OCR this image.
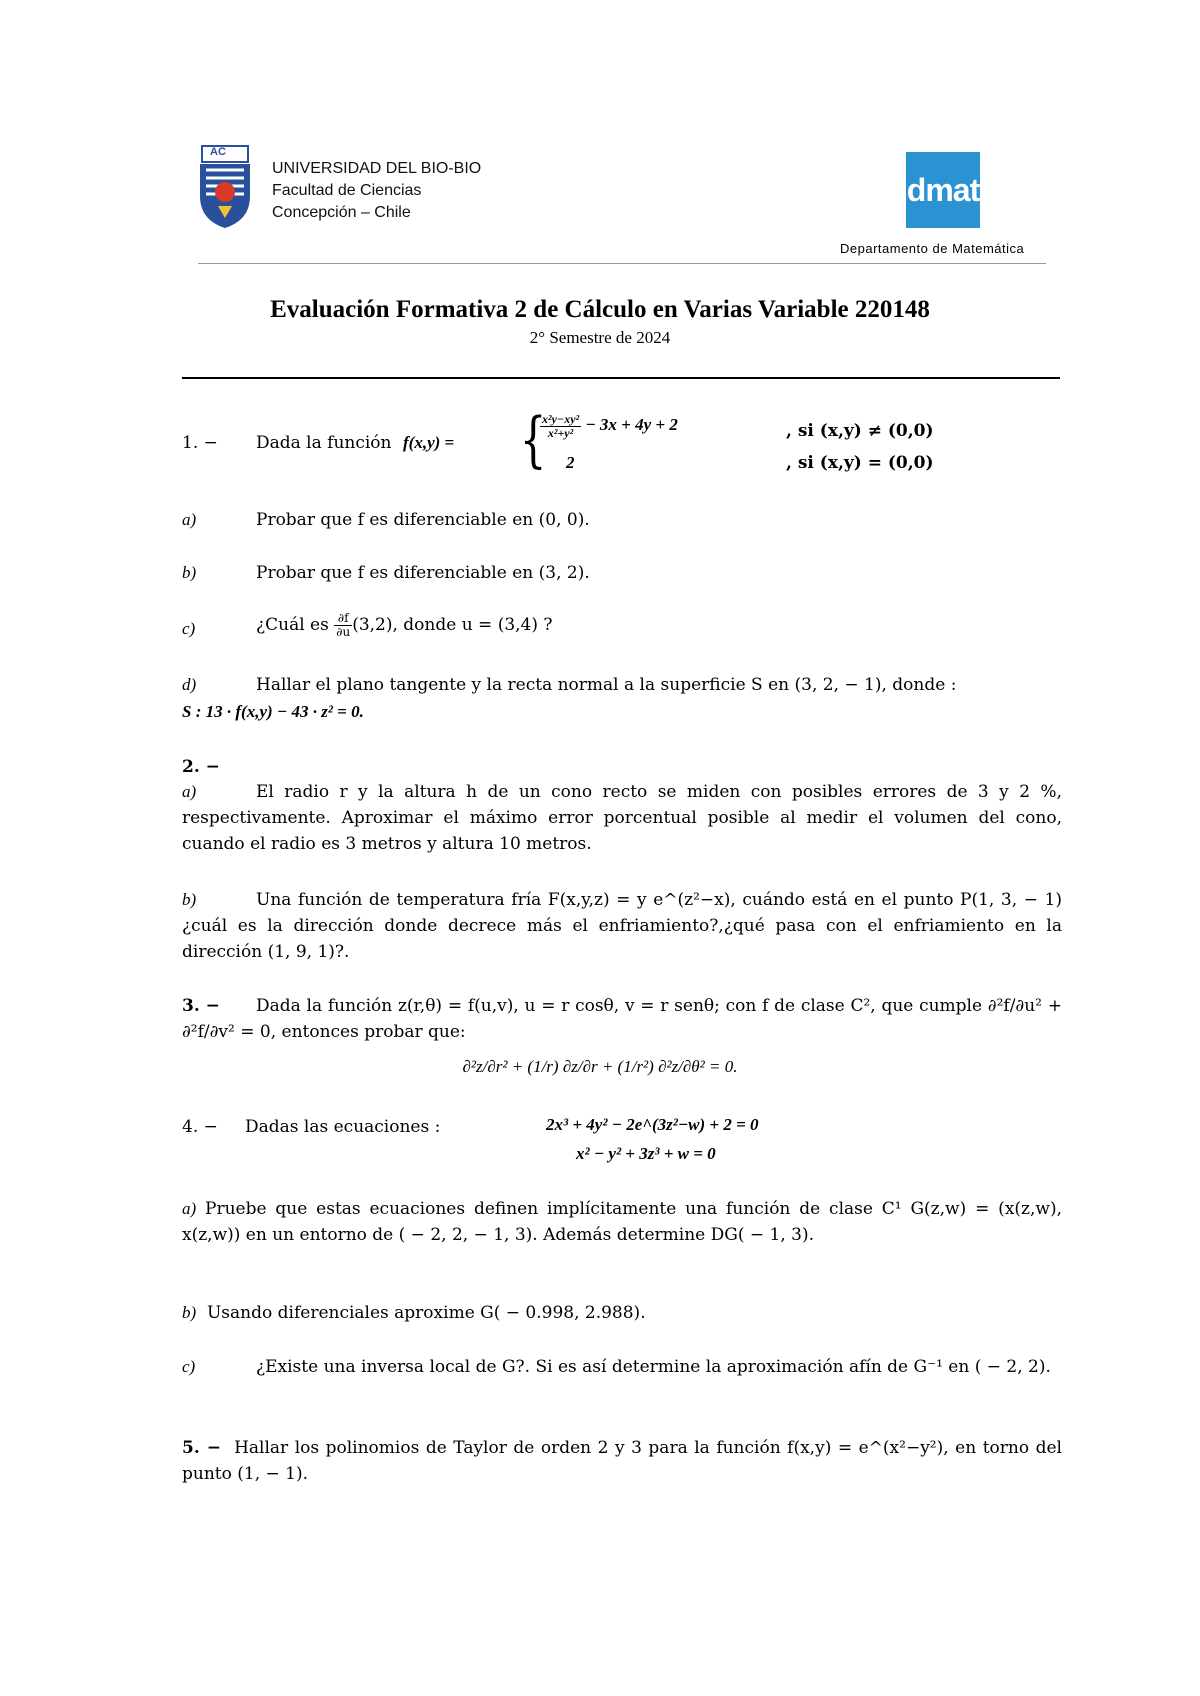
AC
UNIVERSIDAD DEL BIO-BIO
Facultad de Ciencias
Concepción – Chile
dmat
Departamento de Matemática
Evaluación Formativa 2 de Cálculo en Varias Variable 220148
2° Semestre de 2024
1. − Dada la función f(x,y) = {
$\frac{\text{x²y−xy²}}{\text{x²+y²}} - 3x + 4y + 2$	, si (x,y) ≠ (0,0)
2	, si (x,y) = (0,0)
a)	Probar que f es diferenciable en (0, 0).
b)	Probar que f es diferenciable en (3, 2).
c)	¿Cuál es $\frac{\partial f}{\partial u} (3,2)$, donde u = (3,4) ?
d)	Hallar el plano tangente y la recta normal a la superficie S en (3, 2, − 1), donde :
S : 13 · f(x,y) − 43 · z² = 0.
2. −
a)	El radio r y la altura h de un cono recto se miden con posibles errores de 3 y 2 %, respectivamente. Aproximar el máximo error porcentual posible al medir el volumen del cono, cuando el radio es 3 metros y altura 10 metros.
b)	Una función de temperatura fría F(x,y,z) = y e^(z²−x), cuándo está en el punto P(1, 3, − 1) ¿cuál es la dirección donde decrece más el enfriamiento?,¿qué pasa con el enfriamiento en la dirección (1, 9, 1)?.
3. − Dada la función z(r,θ) = f(u,v), u = r cosθ, v = r senθ; con f de clase C², que cumple ∂²f/∂u² + ∂²f/∂v² = 0, entonces probar que:
∂²z/∂r² + (1/r) ∂z/∂r + (1/r²) ∂²z/∂θ² = 0.
4. − Dadas las ecuaciones :	2x³ + 4y² − 2e^(3z²−w) + 2 = 0
x² − y² + 3z³ + w = 0
a) Pruebe que estas ecuaciones definen implícitamente una función de clase C¹ G(z,w) = (x(z,w), x(z,w)) en un entorno de ( − 2, 2, − 1, 3). Además determine DG( − 1, 3).
b) Usando diferenciales aproxime G( − 0.998, 2.988).
c)	¿Existe una inversa local de G?. Si es así determine la aproximación afín de G⁻¹ en ( − 2, 2).
5. − Hallar los polinomios de Taylor de orden 2 y 3 para la función f(x,y) = e^(x²−y²), en torno del punto (1, − 1).
